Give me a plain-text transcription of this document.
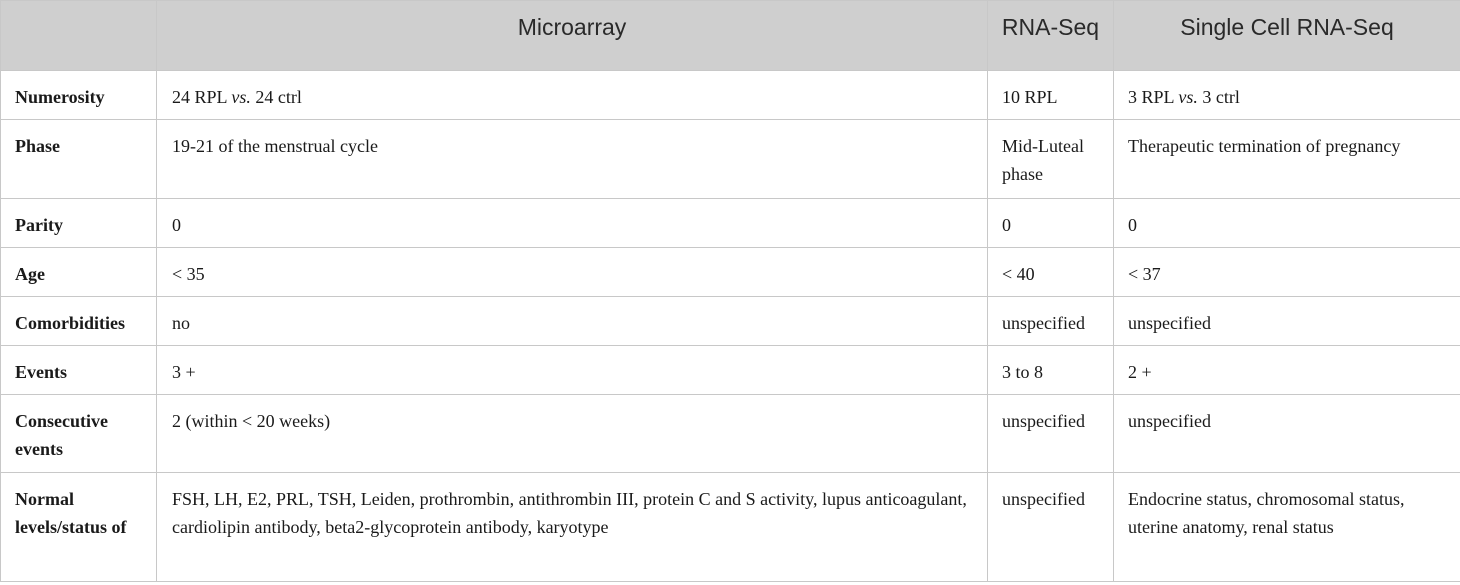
	Microarray	RNA-Seq	Single Cell RNA-Seq
Numerosity	24 RPL vs. 24 ctrl	10 RPL	3 RPL vs. 3 ctrl
Phase	19-21 of the menstrual cycle	Mid-Luteal phase	Therapeutic termination of pregnancy
Parity	0	0	0
Age	< 35	< 40	< 37
Comorbidities	no	unspecified	unspecified
Events	3 +	3 to 8	2 +
Consecutive events	2 (within < 20 weeks)	unspecified	unspecified
Normal levels/status of	FSH, LH, E2, PRL, TSH, Leiden, prothrombin, antithrombin III, protein C and S activity, lupus anticoagulant, cardiolipin antibody, beta2-glycoprotein antibody, karyotype	unspecified	Endocrine status, chromosomal status, uterine anatomy, renal status
